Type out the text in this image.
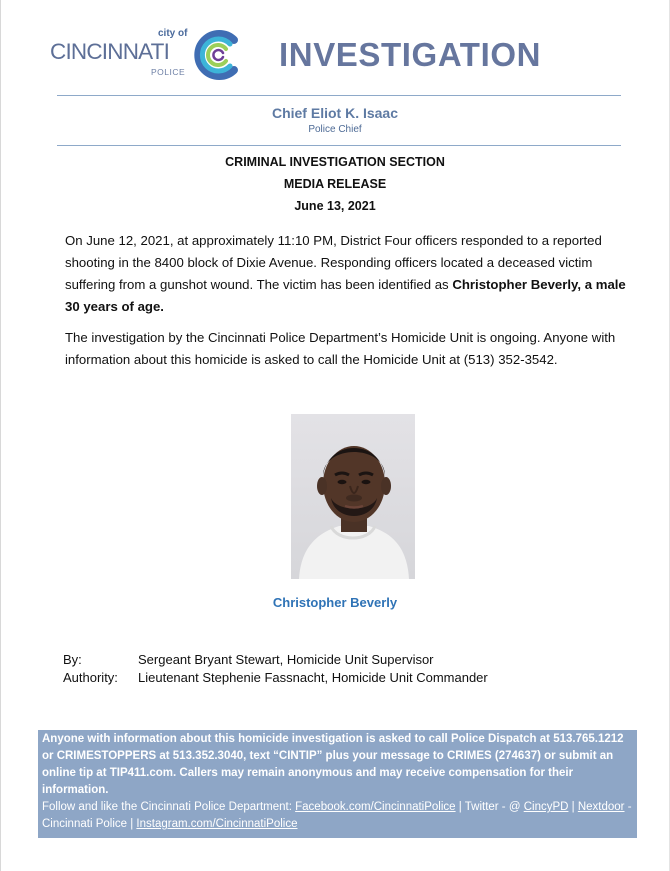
city of
CINCINNATI
POLICE	INVESTIGATION
Chief Eliot K. Isaac
Police Chief
CRIMINAL INVESTIGATION SECTION
MEDIA RELEASE
June 13, 2021

On June 12, 2021, at approximately 11:10 PM, District Four officers responded to a reported shooting in the 8400 block of Dixie Avenue. Responding officers located a deceased victim suffering from a gunshot wound. The victim has been identified as Christopher Beverly, a male 30 years of age.

The investigation by the Cincinnati Police Department’s Homicide Unit is ongoing. Anyone with information about this homicide is asked to call the Homicide Unit at (513) 352-3542.

Christopher Beverly
By:	Sergeant Bryant Stewart, Homicide Unit Supervisor
Authority:	Lieutenant Stephenie Fassnacht, Homicide Unit Commander
Anyone with information about this homicide investigation is asked to call Police Dispatch at 513.765.1212 or CRIMESTOPPERS at 513.352.3040, text “CINTIP” plus your message to CRIMES (274637) or submit an online tip at TIP411.com. Callers may remain anonymous and may receive compensation for their information.
Follow and like the Cincinnati Police Department: Facebook.com/CincinnatiPolice | Twitter - @ CincyPD | Nextdoor - Cincinnati Police | Instagram.com/CincinnatiPolice
